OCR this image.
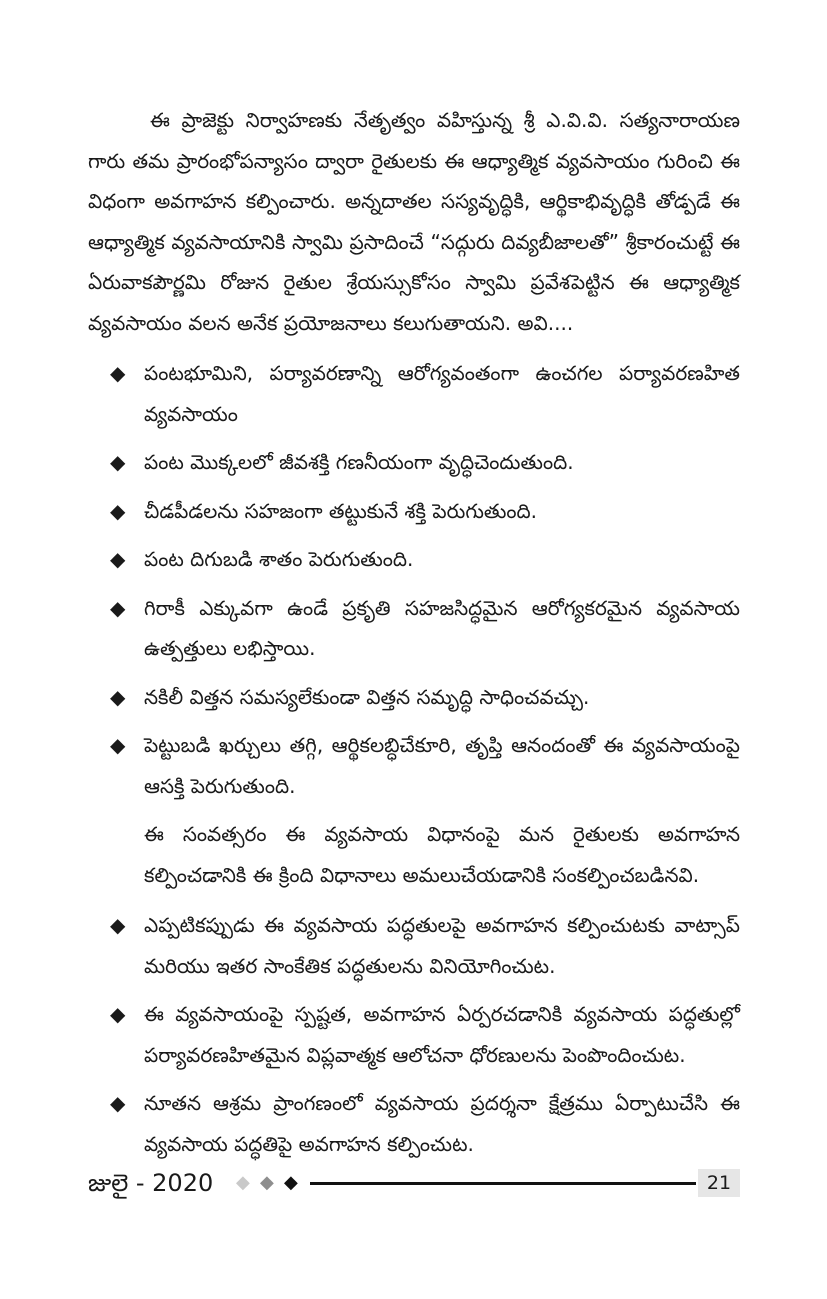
ఈ ప్రాజెక్టు నిర్వాహణకు నేతృత్వం వహిస్తున్న శ్రీ ఎ.వి.వి. సత్యనారాయణ గారు తమ ప్రారంభోపన్యాసం ద్వారా రైతులకు ఈ ఆధ్యాత్మిక వ్యవసాయం గురించి ఈ విధంగా అవగాహన కల్పించారు. అన్నదాతల సస్యవృద్ధికి, ఆర్థికాభివృద్ధికి తోడ్పడే ఈ ఆధ్యాత్మిక వ్యవసాయానికి స్వామి ప్రసాదించే “సద్గురు దివ్యబీజాలతో” శ్రీకారంచుట్టే ఈ ఏరువాకపౌర్ణమి రోజున రైతుల శ్రేయస్సుకోసం స్వామి ప్రవేశపెట్టిన ఈ ఆధ్యాత్మిక వ్యవసాయం వలన అనేక ప్రయోజనాలు కలుగుతాయని. అవి....

◆ పంటభూమిని, పర్యావరణాన్ని ఆరోగ్యవంతంగా ఉంచగల పర్యావరణహిత వ్యవసాయం
◆ పంట మొక్కలలో జీవశక్తి గణనీయంగా వృద్ధిచెందుతుంది.
◆ చీడపీడలను సహజంగా తట్టుకునే శక్తి పెరుగుతుంది.
◆ పంట దిగుబడి శాతం పెరుగుతుంది.
◆ గిరాకీ ఎక్కువగా ఉండే ప్రకృతి సహజసిద్ధమైన ఆరోగ్యకరమైన వ్యవసాయ ఉత్పత్తులు లభిస్తాయి.
◆ నకిలీ విత్తన సమస్యలేకుండా విత్తన సమృద్ధి సాధించవచ్చు.
◆ పెట్టుబడి ఖర్చులు తగ్గి, ఆర్థికలబ్ధిచేకూరి, తృప్తి ఆనందంతో ఈ వ్యవసాయంపై ఆసక్తి పెరుగుతుంది.

ఈ సంవత్సరం ఈ వ్యవసాయ విధానంపై మన రైతులకు అవగాహన కల్పించడానికి ఈ క్రింది విధానాలు అమలుచేయడానికి సంకల్పించబడినవి.

◆ ఎప్పటికప్పుడు ఈ వ్యవసాయ పద్ధతులపై అవగాహన కల్పించుటకు వాట్సాప్ మరియు ఇతర సాంకేతిక పద్ధతులను వినియోగించుట.
◆ ఈ వ్యవసాయంపై స్పష్టత, అవగాహన ఏర్పరచడానికి వ్యవసాయ పద్ధతుల్లో పర్యావరణహితమైన విప్లవాత్మక ఆలోచనా ధోరణులను పెంపొందించుట.
◆ నూతన ఆశ్రమ ప్రాంగణంలో వ్యవసాయ ప్రదర్శనా క్షేత్రము ఏర్పాటుచేసి ఈ వ్యవసాయ పద్ధతిపై అవగాహన కల్పించుట.
జులై - 2020 ◆ ◆ ◆	21
